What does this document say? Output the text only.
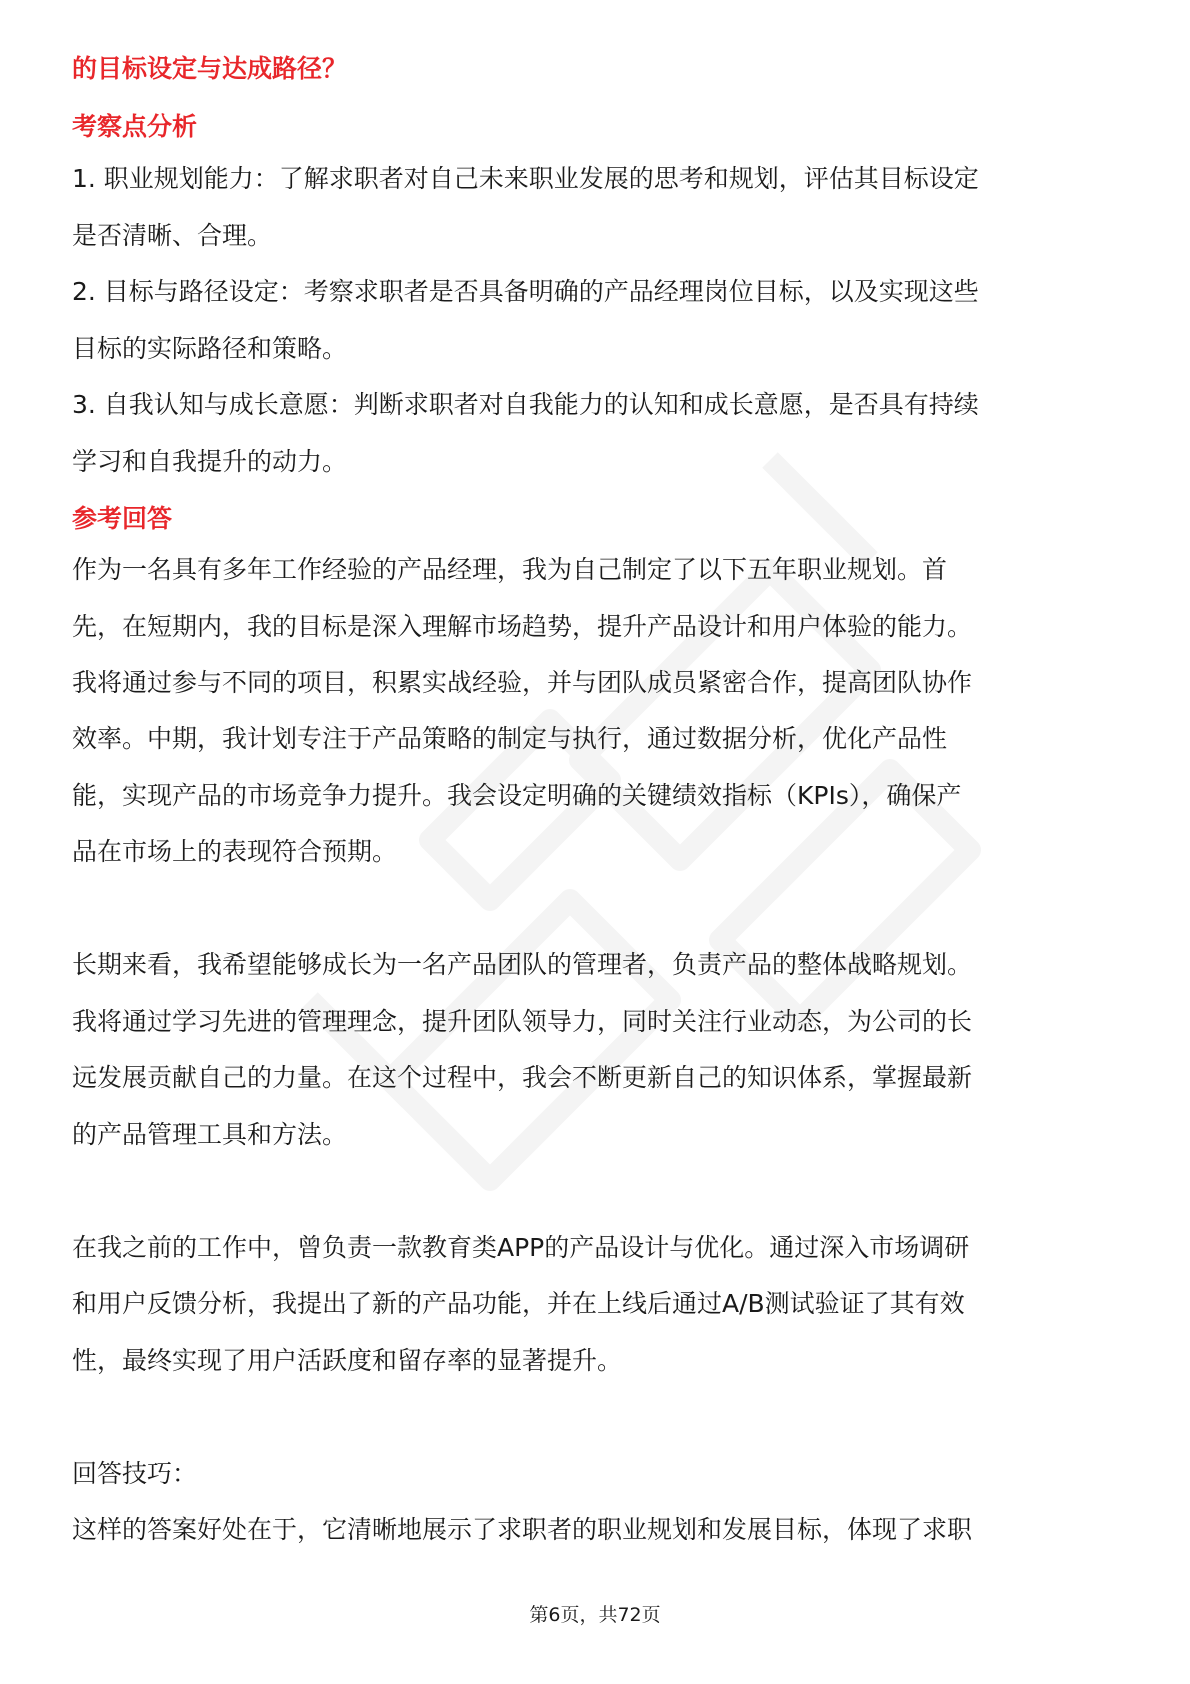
的目标设定与达成路径？
考察点分析
1. 职业规划能力：了解求职者对自己未来职业发展的思考和规划，评估其目标设定
是否清晰、合理。
2. 目标与路径设定：考察求职者是否具备明确的产品经理岗位目标，以及实现这些
目标的实际路径和策略。
3. 自我认知与成长意愿：判断求职者对自我能力的认知和成长意愿，是否具有持续
学习和自我提升的动力。
参考回答
作为一名具有多年工作经验的产品经理，我为自己制定了以下五年职业规划。首
先，在短期内，我的目标是深入理解市场趋势，提升产品设计和用户体验的能力。
我将通过参与不同的项目，积累实战经验，并与团队成员紧密合作，提高团队协作
效率。中期，我计划专注于产品策略的制定与执行，通过数据分析，优化产品性
能，实现产品的市场竞争力提升。我会设定明确的关键绩效指标（KPIs），确保产
品在市场上的表现符合预期。
长期来看，我希望能够成长为一名产品团队的管理者，负责产品的整体战略规划。
我将通过学习先进的管理理念，提升团队领导力，同时关注行业动态，为公司的长
远发展贡献自己的力量。在这个过程中，我会不断更新自己的知识体系，掌握最新
的产品管理工具和方法。
在我之前的工作中，曾负责一款教育类APP的产品设计与优化。通过深入市场调研
和用户反馈分析，我提出了新的产品功能，并在上线后通过A/B测试验证了其有效
性，最终实现了用户活跃度和留存率的显著提升。
回答技巧：
这样的答案好处在于，它清晰地展示了求职者的职业规划和发展目标，体现了求职
第6页，共72页
